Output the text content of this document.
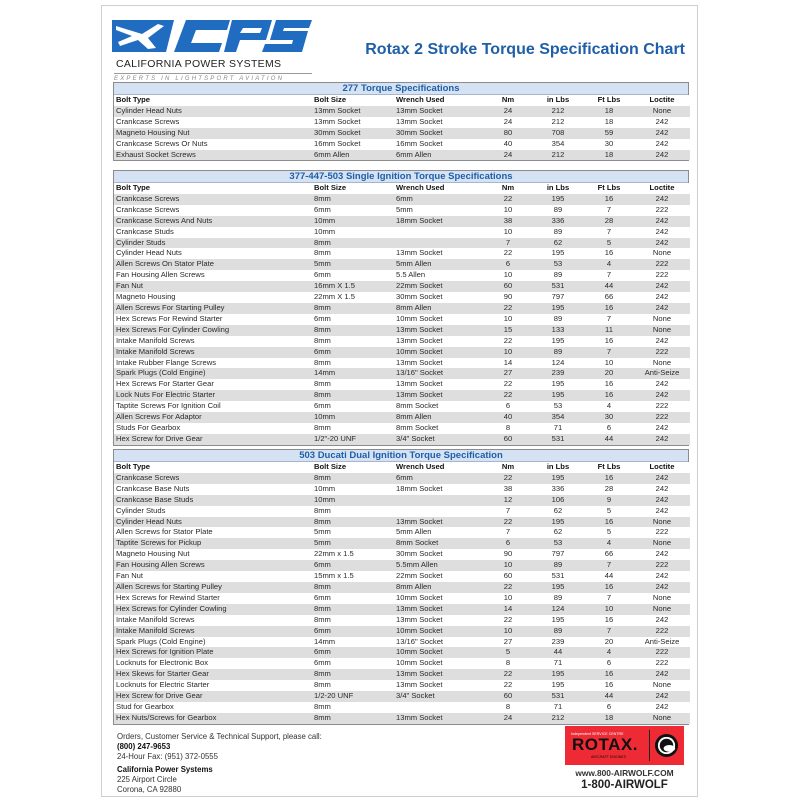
CALIFORNIA POWER SYSTEMS
EXPERTS IN LIGHTSPORT AVIATION
Rotax 2 Stroke Torque Specification Chart
277 Torque Specifications
Bolt Type	Bolt Size	Wrench Used	Nm	in Lbs	Ft Lbs	Loctite
Cylinder Head Nuts	13mm Socket	13mm Socket	24	212	18	None
Crankcase Screws	13mm Socket	13mm Socket	24	212	18	242
Magneto Housing Nut	30mm Socket	30mm Socket	80	708	59	242
Crankcase Screws Or Nuts	16mm Socket	16mm Socket	40	354	30	242
Exhaust Socket Screws	6mm Allen	6mm Allen	24	212	18	242
377-447-503 Single Ignition Torque Specifications
Bolt Type	Bolt Size	Wrench Used	Nm	in Lbs	Ft Lbs	Loctite
Crankcase Screws	8mm	6mm	22	195	16	242
Crankcase Screws	6mm	5mm	10	89	7	222
Crankcase Screws And Nuts	10mm	18mm Socket	38	336	28	242
Crankcase Studs	10mm		10	89	7	242
Cylinder Studs	8mm		7	62	5	242
Cylinder Head Nuts	8mm	13mm Socket	22	195	16	None
Allen Screws On Stator Plate	5mm	5mm Allen	6	53	4	222
Fan Housing Allen Screws	6mm	5.5 Allen	10	89	7	222
Fan Nut	16mm X 1.5	22mm Socket	60	531	44	242
Magneto Housing	22mm X 1.5	30mm Socket	90	797	66	242
Allen Screws For Starting Pulley	8mm	8mm Allen	22	195	16	242
Hex Screws For Rewind Starter	6mm	10mm Socket	10	89	7	None
Hex Screws For Cylinder Cowling	8mm	13mm Socket	15	133	11	None
Intake Manifold Screws	8mm	13mm Socket	22	195	16	242
Intake Manifold Screws	6mm	10mm Socket	10	89	7	222
Intake Rubber Flange Screws	8mm	13mm Socket	14	124	10	None
Spark Plugs (Cold Engine)	14mm	13/16" Socket	27	239	20	Anti-Seize
Hex Screws For Starter Gear	8mm	13mm Socket	22	195	16	242
Lock Nuts For Electric Starter	8mm	13mm Socket	22	195	16	242
Taptite Screws For Ignition Coil	6mm	8mm Socket	6	53	4	222
Allen Screws For Adaptor	10mm	8mm Allen	40	354	30	222
Studs For Gearbox	8mm	8mm Socket	8	71	6	242
Hex Screw for Drive Gear	1/2"-20 UNF	3/4" Socket	60	531	44	242
503 Ducati Dual Ignition Torque Specification
Bolt Type	Bolt Size	Wrench Used	Nm	in Lbs	Ft Lbs	Loctite
Crankcase Screws	8mm	6mm	22	195	16	242
Crankcase Base Nuts	10mm	18mm Socket	38	336	28	242
Crankcase Base Studs	10mm		12	106	9	242
Cylinder Studs	8mm		7	62	5	242
Cylinder Head Nuts	8mm	13mm Socket	22	195	16	None
Allen Screws for Stator Plate	5mm	5mm Allen	7	62	5	222
Taptite Screws for Pickup	5mm	8mm Socket	6	53	4	None
Magneto Housing Nut	22mm x 1.5	30mm Socket	90	797	66	242
Fan Housing Allen Screws	6mm	5.5mm Allen	10	89	7	222
Fan Nut	15mm x 1.5	22mm Socket	60	531	44	242
Allen Screws for Starting Pulley	8mm	8mm Allen	22	195	16	242
Hex Screws for Rewind Starter	6mm	10mm Socket	10	89	7	None
Hex Screws for Cylinder Cowling	8mm	13mm Socket	14	124	10	None
Intake Manifold Screws	8mm	13mm Socket	22	195	16	242
Intake Manifold Screws	6mm	10mm Socket	10	89	7	222
Spark Plugs (Cold Engine)	14mm	13/16" Socket	27	239	20	Anti-Seize
Hex Screws for Ignition Plate	6mm	10mm Socket	5	44	4	222
Locknuts for Electronic Box	6mm	10mm Socket	8	71	6	222
Hex Skews for Starter Gear	8mm	13mm Socket	22	195	16	242
Locknuts for Electric Starter	8mm	13mm Socket	22	195	16	None
Hex Screw for Drive Gear	1/2-20 UNF	3/4" Socket	60	531	44	242
Stud for Gearbox	8mm		8	71	6	242
Hex Nuts/Screws for Gearbox	8mm	13mm Socket	24	212	18	None
Orders, Customer Service & Technical Support, please call:
(800) 247-9653
24-Hour Fax: (951) 372-0555
California Power Systems
225 Airport Circle
Corona, CA 92880
Independent SERVICE CENTRE
ROTAX.
AIRCRAFT ENGINES
www.800-AIRWOLF.COM
1-800-AIRWOLF
